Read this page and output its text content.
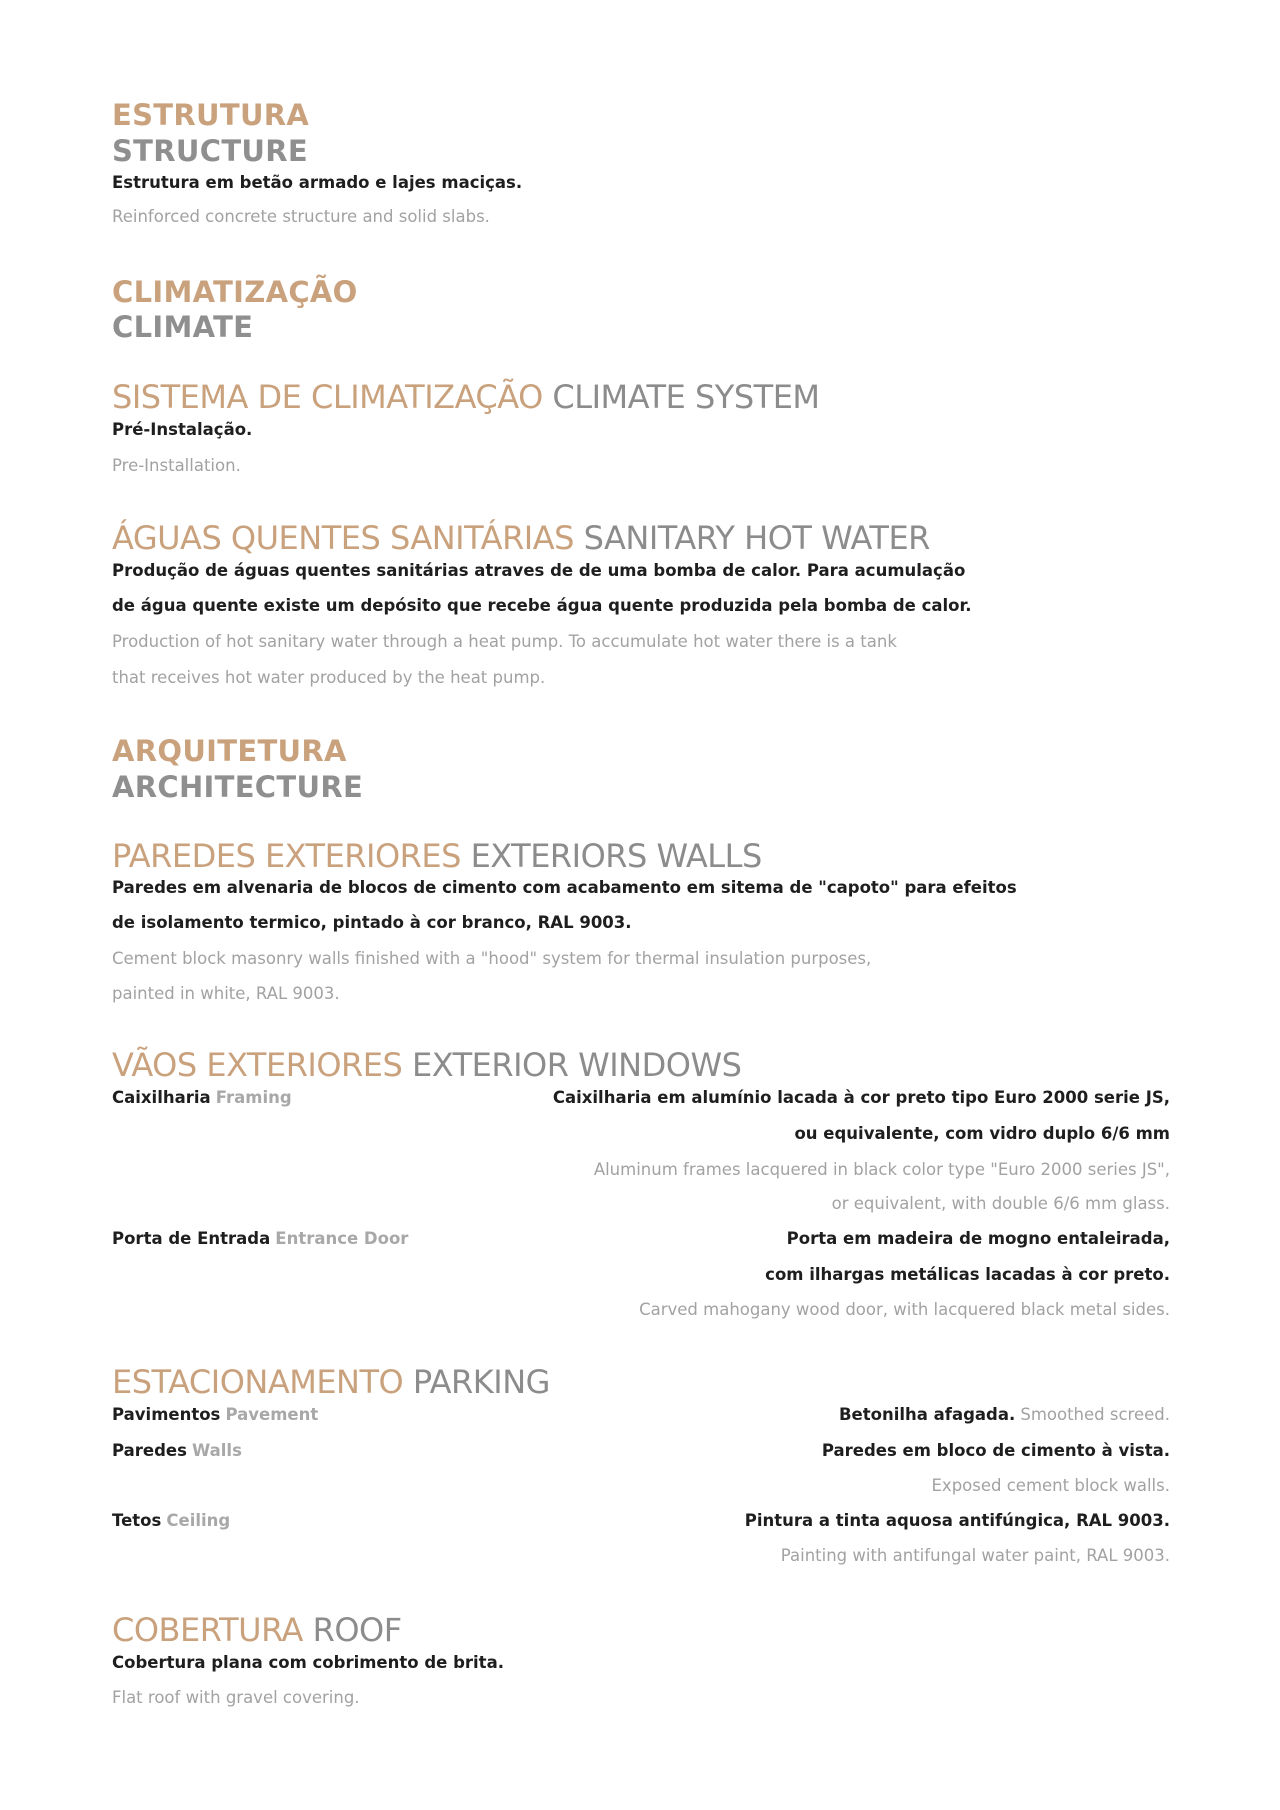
ESTRUTURA
STRUCTURE
Estrutura em betão armado e lajes maciças.
Reinforced concrete structure and solid slabs.
CLIMATIZAÇÃO
CLIMATE
SISTEMA DE CLIMATIZAÇÃO CLIMATE SYSTEM
Pré-Instalação.
Pre-Installation.
ÁGUAS QUENTES SANITÁRIAS SANITARY HOT WATER
Produção de águas quentes sanitárias atraves de de uma bomba de calor. Para acumulação
de água quente existe um depósito que recebe água quente produzida pela bomba de calor.
Production of hot sanitary water through a heat pump. To accumulate hot water there is a tank
that receives hot water produced by the heat pump.
ARQUITETURA
ARCHITECTURE
PAREDES EXTERIORES EXTERIORS WALLS
Paredes em alvenaria de blocos de cimento com acabamento em sitema de "capoto" para efeitos
de isolamento termico, pintado à cor branco, RAL 9003.
Cement block masonry walls finished with a "hood" system for thermal insulation purposes,
painted in white, RAL 9003.
VÃOS EXTERIORES EXTERIOR WINDOWS
Caixilharia Framing	Caixilharia em alumínio lacada à cor preto tipo Euro 2000 serie JS,
ou equivalente, com vidro duplo 6/6 mm
Aluminum frames lacquered in black color type "Euro 2000 series JS",
or equivalent, with double 6/6 mm glass.
Porta de Entrada Entrance Door	Porta em madeira de mogno entaleirada,
com ilhargas metálicas lacadas à cor preto.
Carved mahogany wood door, with lacquered black metal sides.
ESTACIONAMENTO PARKING
Pavimentos Pavement	Betonilha afagada. Smoothed screed.
Paredes Walls	Paredes em bloco de cimento à vista.
Exposed cement block walls.
Tetos Ceiling	Pintura a tinta aquosa antifúngica, RAL 9003.
Painting with antifungal water paint, RAL 9003.
COBERTURA ROOF
Cobertura plana com cobrimento de brita.
Flat roof with gravel covering.
